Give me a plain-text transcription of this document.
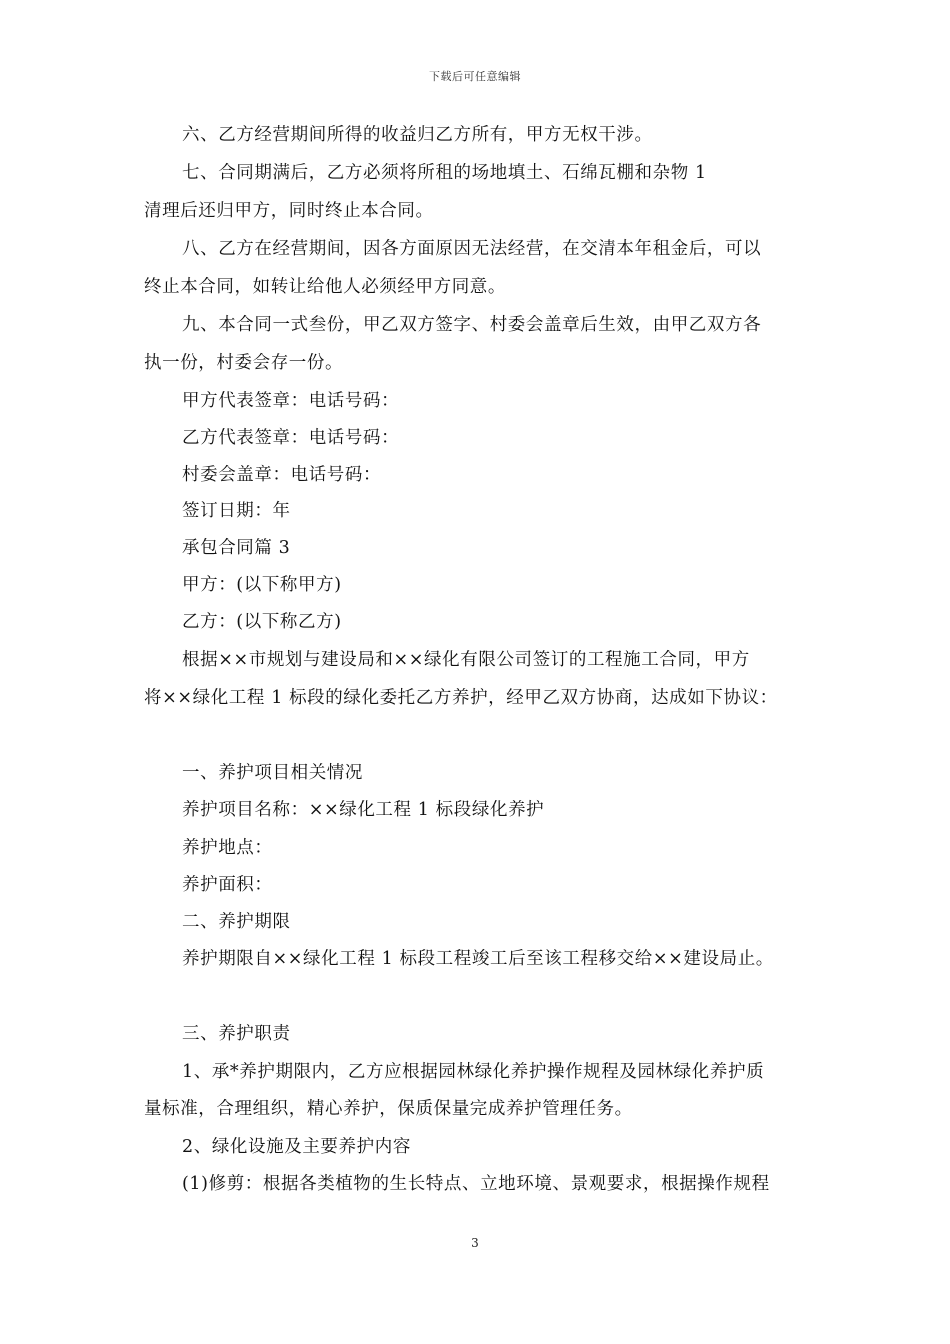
下载后可任意编辑
六、乙方经营期间所得的收益归乙方所有，甲方无权干涉。
七、合同期满后，乙方必须将所租的场地填土、石绵瓦棚和杂物 1
清理后还归甲方，同时终止本合同。
八、乙方在经营期间，因各方面原因无法经营，在交清本年租金后，可以
终止本合同，如转让给他人必须经甲方同意。
九、本合同一式叁份，甲乙双方签字、村委会盖章后生效，由甲乙双方各
执一份，村委会存一份。
甲方代表签章：电话号码：
乙方代表签章：电话号码：
村委会盖章：电话号码：
签订日期：年
承包合同篇 3
甲方：(以下称甲方)
乙方：(以下称乙方)
根据××市规划与建设局和××绿化有限公司签订的工程施工合同，甲方
将××绿化工程 1 标段的绿化委托乙方养护，经甲乙双方协商，达成如下协议：
一、养护项目相关情况
养护项目名称：××绿化工程 1 标段绿化养护
养护地点：
养护面积：
二、养护期限
养护期限自××绿化工程 1 标段工程竣工后至该工程移交给××建设局止。
三、养护职责
1、承*养护期限内，乙方应根据园林绿化养护操作规程及园林绿化养护质
量标准，合理组织，精心养护，保质保量完成养护管理任务。
2、绿化设施及主要养护内容
(1)修剪：根据各类植物的生长特点、立地环境、景观要求，根据操作规程
3
